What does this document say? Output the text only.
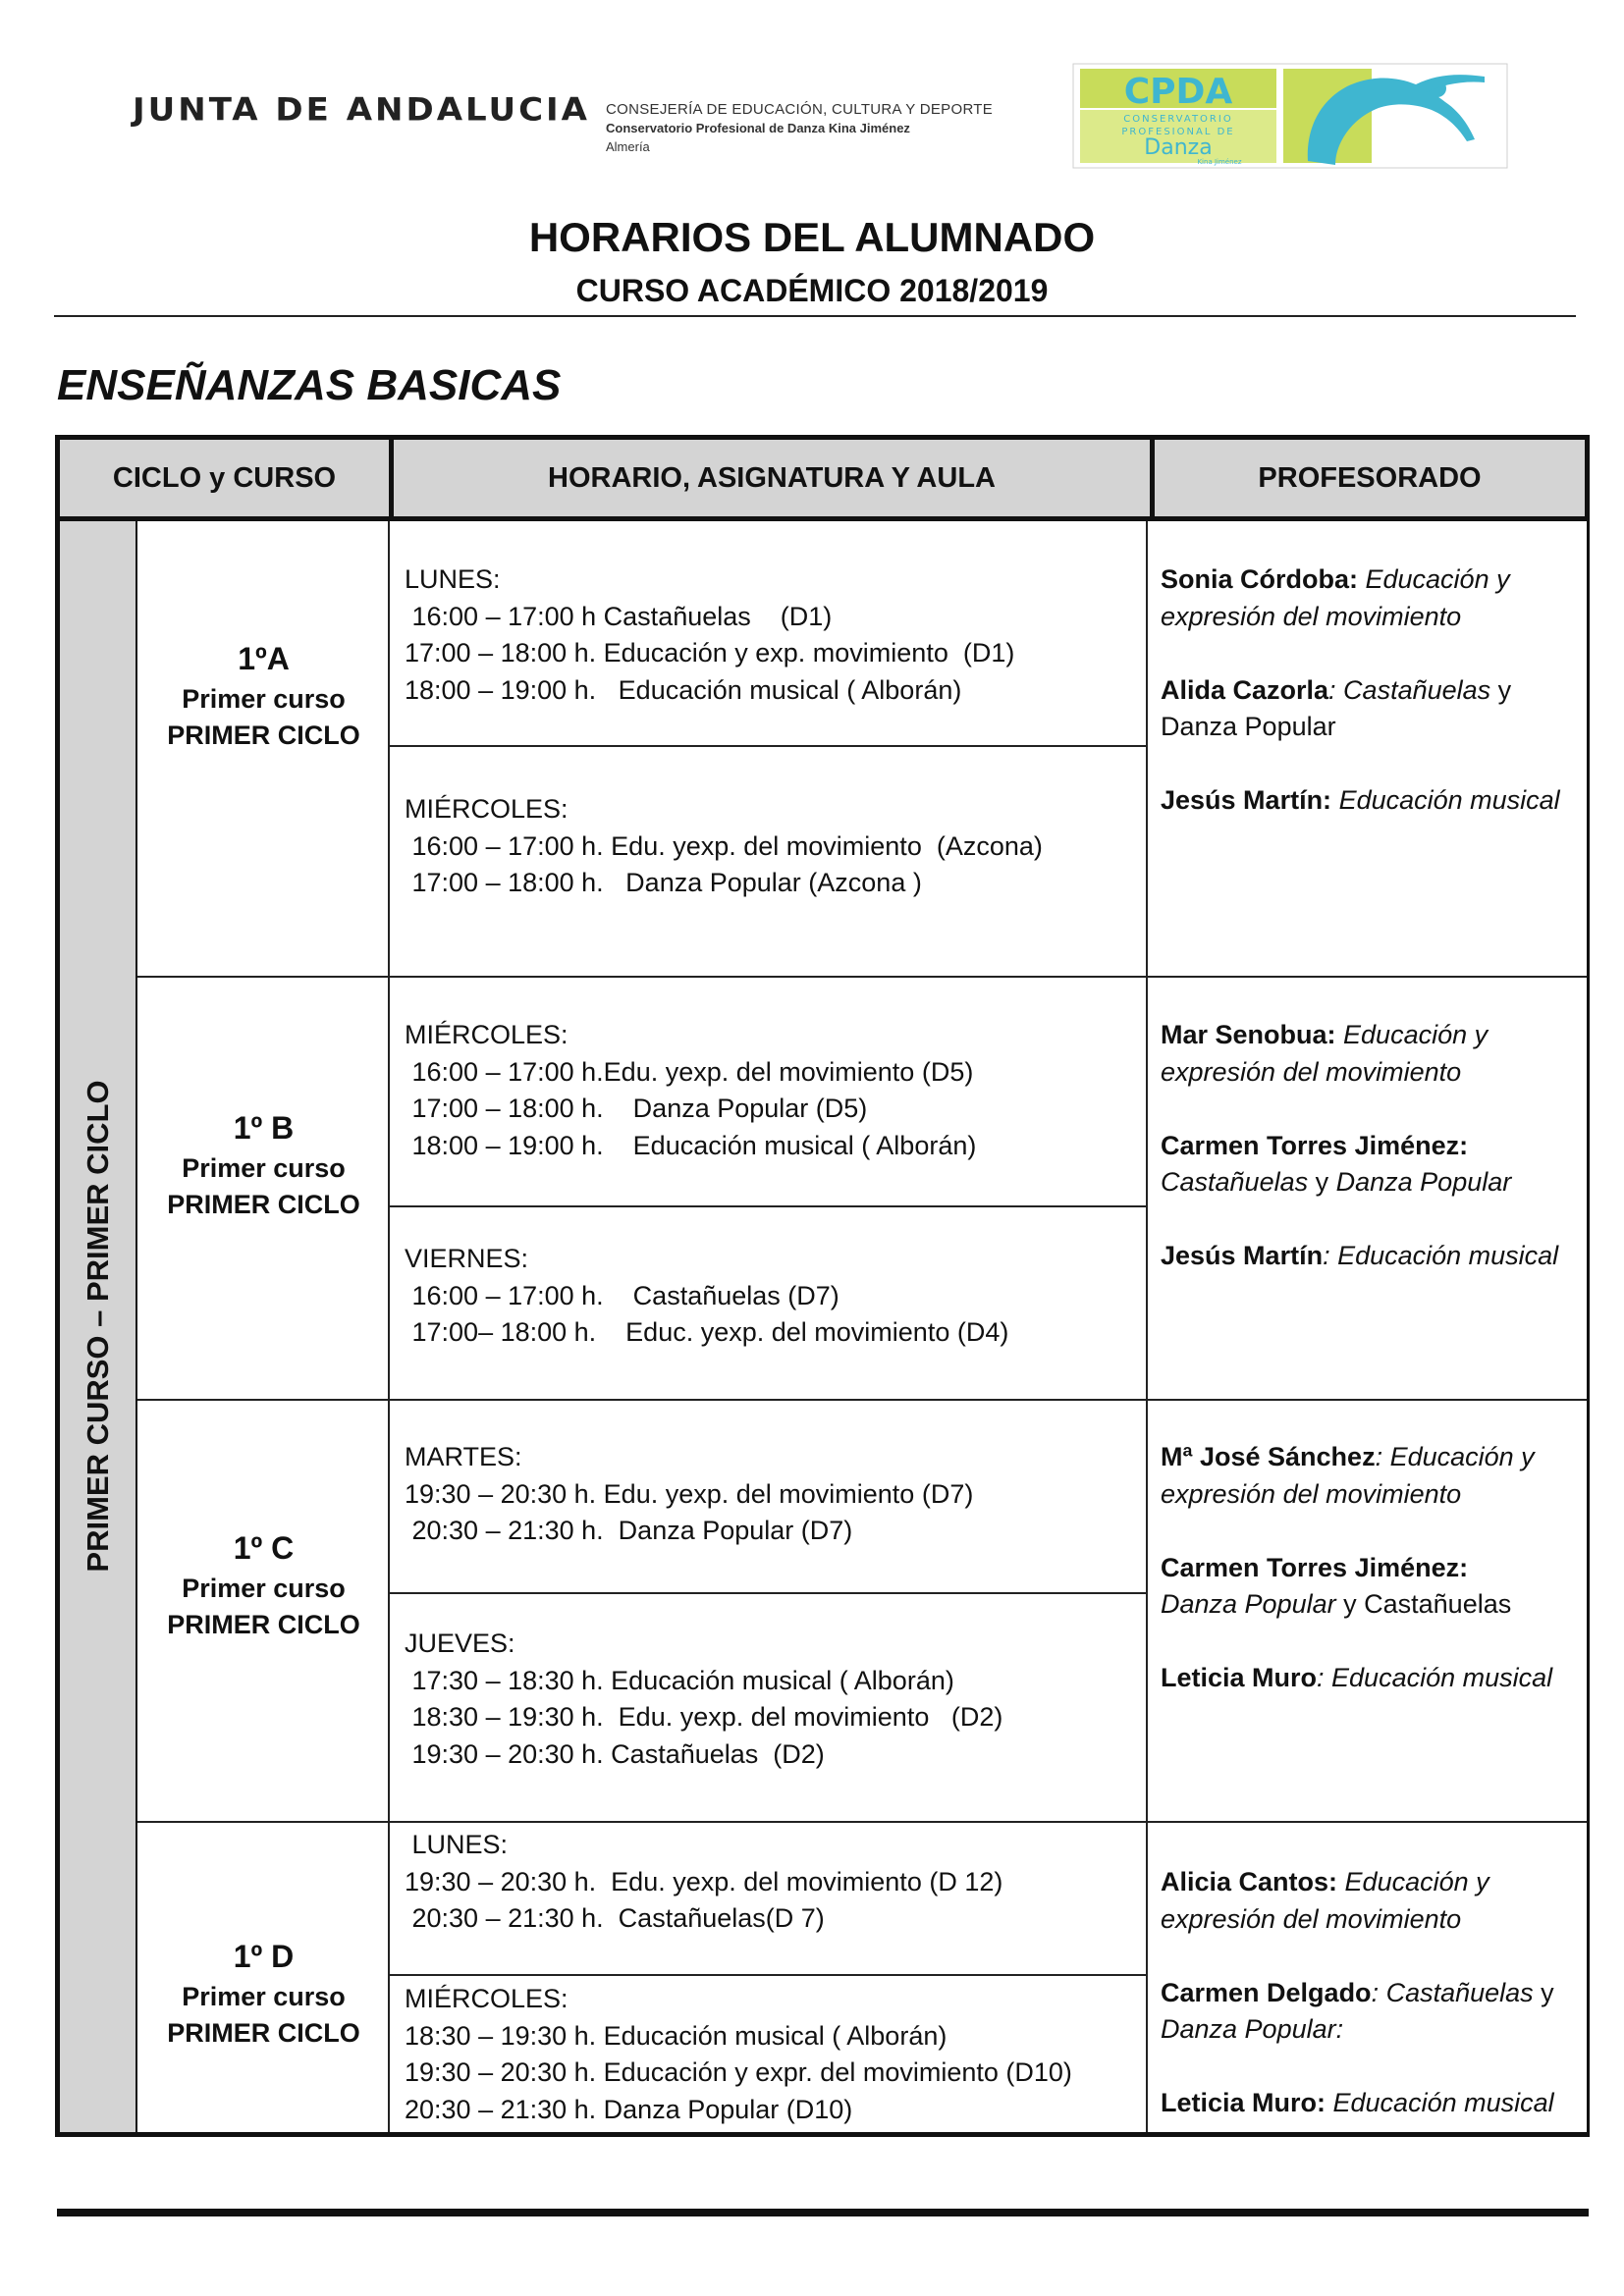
JUNTA DE ANDALUCIA CONSEJERÍA DE EDUCACIÓN, CULTURA Y DEPORTE
Conservatorio Profesional de Danza Kina Jiménez
Almería
CPDA
CONSERVATORIO
PROFESIONAL DE
Danza
Kina Jiménez
HORARIOS DEL ALUMNADO
CURSO ACADÉMICO 2018/2019
ENSEÑANZAS BASICAS
CICLO y CURSO	HORARIO, ASIGNATURA Y AULA	PROFESORADO
PRIMER CURSO – PRIMER CICLO
1ºA
Primer curso
PRIMER CICLO
LUNES:
16:00 – 17:00 h Castañuelas    (D1)
17:00 – 18:00 h. Educación y exp. movimiento  (D1)
18:00 – 19:00 h.   Educación musical ( Alborán)
MIÉRCOLES:
16:00 – 17:00 h. Edu. yexp. del movimiento  (Azcona)
17:00 – 18:00 h.   Danza Popular (Azcona )
Sonia Córdoba: Educación y expresión del movimiento
Alida Cazorla: Castañuelas y Danza Popular
Jesús Martín: Educación musical
1º B
Primer curso
PRIMER CICLO
MIÉRCOLES:
16:00 – 17:00 h.Edu. yexp. del movimiento (D5)
17:00 – 18:00 h.    Danza Popular (D5)
18:00 – 19:00 h.    Educación musical ( Alborán)
VIERNES:
16:00 – 17:00 h.    Castañuelas (D7)
17:00– 18:00 h.    Educ. yexp. del movimiento (D4)
Mar Senobua: Educación y expresión del movimiento
Carmen Torres Jiménez:
Castañuelas y Danza Popular
Jesús Martín: Educación musical
1º C
Primer curso
PRIMER CICLO
MARTES:
19:30 – 20:30 h. Edu. yexp. del movimiento (D7)
20:30 – 21:30 h.  Danza Popular (D7)
JUEVES:
17:30 – 18:30 h. Educación musical ( Alborán)
18:30 – 19:30 h.  Edu. yexp. del movimiento   (D2)
19:30 – 20:30 h. Castañuelas  (D2)
Mª José Sánchez: Educación y expresión del movimiento
Carmen Torres Jiménez:
Danza Popular y Castañuelas
Leticia Muro: Educación musical
1º D
Primer curso
PRIMER CICLO
LUNES:
19:30 – 20:30 h.  Edu. yexp. del movimiento (D 12)
20:30 – 21:30 h.  Castañuelas(D 7)
MIÉRCOLES:
18:30 – 19:30 h. Educación musical ( Alborán)
19:30 – 20:30 h. Educación y expr. del movimiento (D10)
20:30 – 21:30 h. Danza Popular (D10)
Alicia Cantos: Educación y expresión del movimiento
Carmen Delgado: Castañuelas y Danza Popular:
Leticia Muro: Educación musical
